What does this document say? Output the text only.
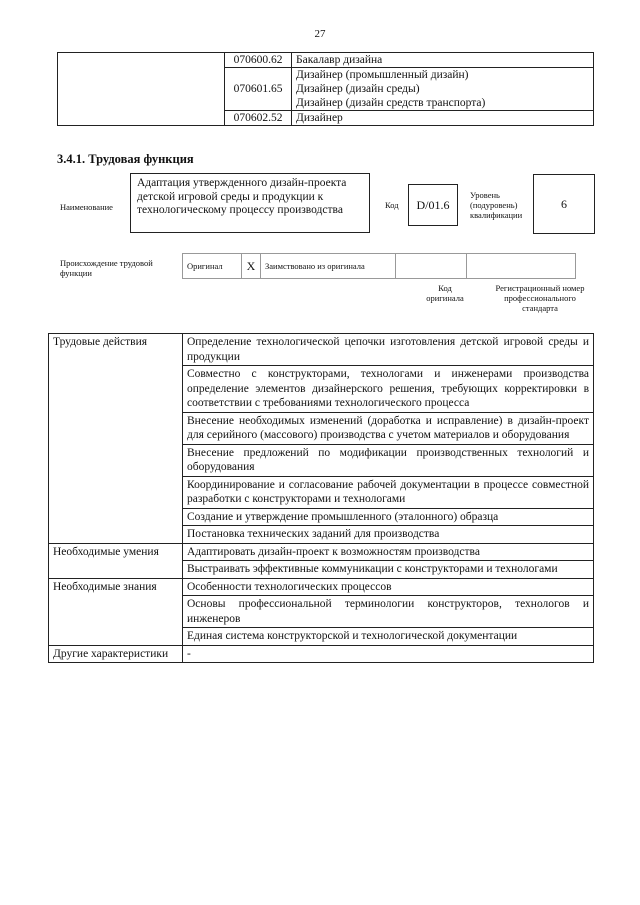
27
	070600.62	Бакалавр дизайна
	070601.65	Дизайнер (промышленный дизайн)
Дизайнер (дизайн среды)
Дизайнер (дизайн средств транспорта)

	070602.52	Дизайнер
3.4.1. Трудовая функция
Наименование
Адаптация утвержденного дизайн-проекта детской игровой среды и продукции к технологическому процессу производства	Код	D/01.6
Уровень
(подуровень)
квалификации
6
Происхождение трудовой функции
Оригинал	X	Заимствовано из оригинала		
Код
оригинала
Регистрационный номер
профессионального
стандарта
Трудовые действия	Определение технологической цепочки изготовления детской игровой среды и продукции
	Совместно с конструкторами, технологами и инженерами производства определение элементов дизайнерского решения, требующих корректировки в соответствии с требованиями технологического процесса
	Внесение необходимых изменений (доработка и исправление) в дизайн-проект для серийного (массового) производства с учетом материалов и оборудования
	Внесение предложений по модификации производственных технологий и оборудования
	Координирование и согласование рабочей документации в процессе совместной разработки с конструкторами и технологами
	Создание и утверждение промышленного (эталонного) образца
	Постановка технических заданий для производства
Необходимые умения	Адаптировать дизайн-проект к возможностям производства
	Выстраивать эффективные коммуникации с конструкторами и технологами
Необходимые знания	Особенности технологических процессов
	Основы профессиональной терминологии конструкторов, технологов и инженеров
	Единая система конструкторской и технологической документации
Другие характеристики	-
